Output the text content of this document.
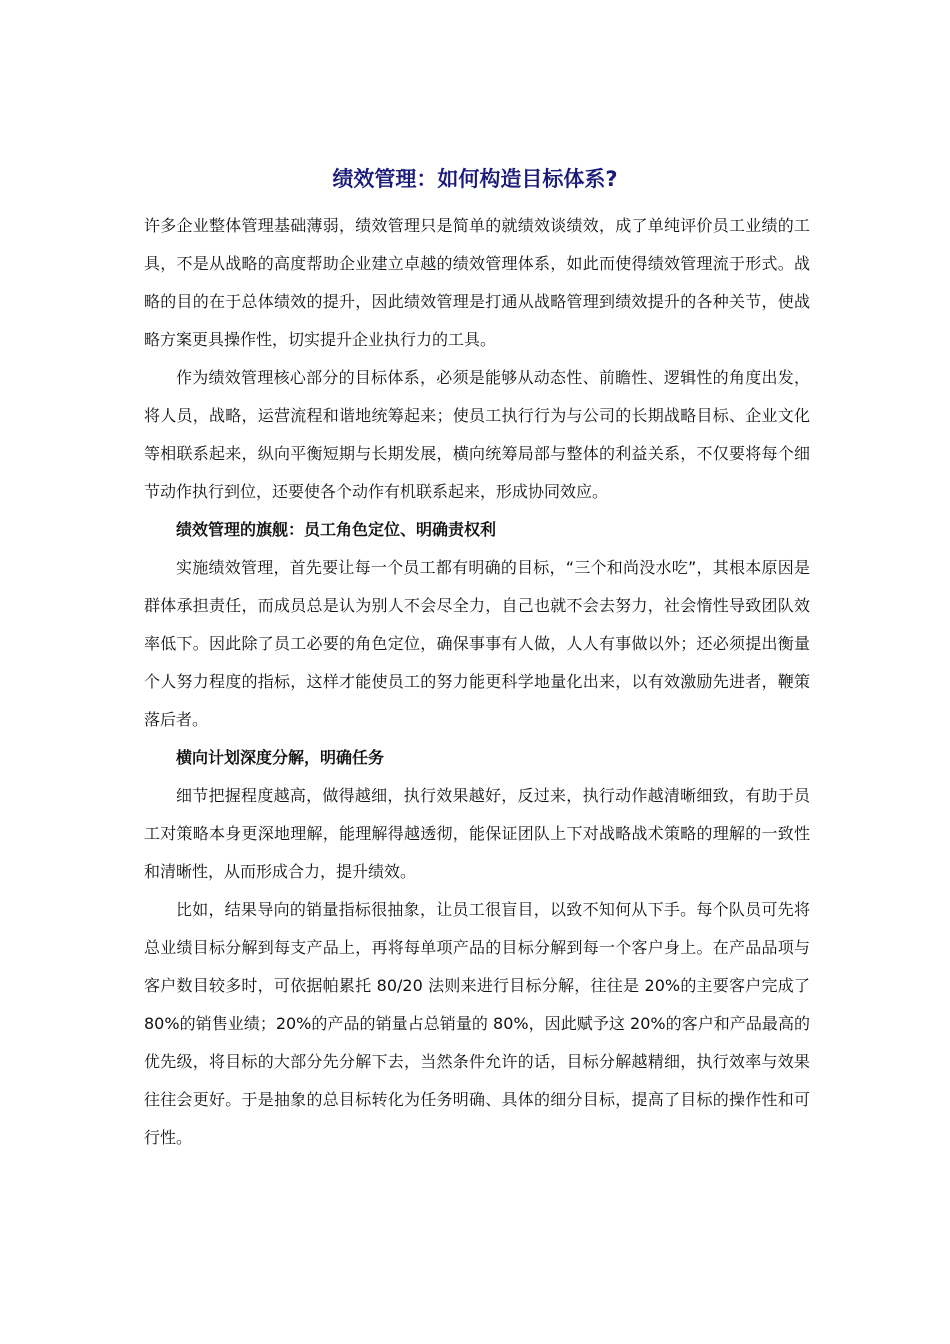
绩效管理：如何构造目标体系?

许多企业整体管理基础薄弱，绩效管理只是简单的就绩效谈绩效，成了单纯评价员工业绩的工具，不是从战略的高度帮助企业建立卓越的绩效管理体系，如此而使得绩效管理流于形式。战略的目的在于总体绩效的提升，因此绩效管理是打通从战略管理到绩效提升的各种关节，使战略方案更具操作性，切实提升企业执行力的工具。

作为绩效管理核心部分的目标体系，必须是能够从动态性、前瞻性、逻辑性的角度出发，将人员，战略，运营流程和谐地统筹起来；使员工执行行为与公司的长期战略目标、企业文化等相联系起来，纵向平衡短期与长期发展，横向统筹局部与整体的利益关系，不仅要将每个细节动作执行到位，还要使各个动作有机联系起来，形成协同效应。

绩效管理的旗舰：员工角色定位、明确责权利

实施绩效管理，首先要让每一个员工都有明确的目标，“三个和尚没水吃”，其根本原因是群体承担责任，而成员总是认为别人不会尽全力，自己也就不会去努力，社会惰性导致团队效率低下。因此除了员工必要的角色定位，确保事事有人做，人人有事做以外；还必须提出衡量个人努力程度的指标，这样才能使员工的努力能更科学地量化出来，以有效激励先进者，鞭策落后者。

横向计划深度分解，明确任务

细节把握程度越高，做得越细，执行效果越好，反过来，执行动作越清晰细致，有助于员工对策略本身更深地理解，能理解得越透彻，能保证团队上下对战略战术策略的理解的一致性和清晰性，从而形成合力，提升绩效。

比如，结果导向的销量指标很抽象，让员工很盲目，以致不知何从下手。每个队员可先将总业绩目标分解到每支产品上，再将每单项产品的目标分解到每一个客户身上。在产品品项与客户数目较多时，可依据帕累托 80/20 法则来进行目标分解，往往是 20%的主要客户完成了 80%的销售业绩；20%的产品的销量占总销量的 80%，因此赋予这 20%的客户和产品最高的优先级，将目标的大部分先分解下去，当然条件允许的话，目标分解越精细，执行效率与效果往往会更好。于是抽象的总目标转化为任务明确、具体的细分目标，提高了目标的操作性和可行性。
